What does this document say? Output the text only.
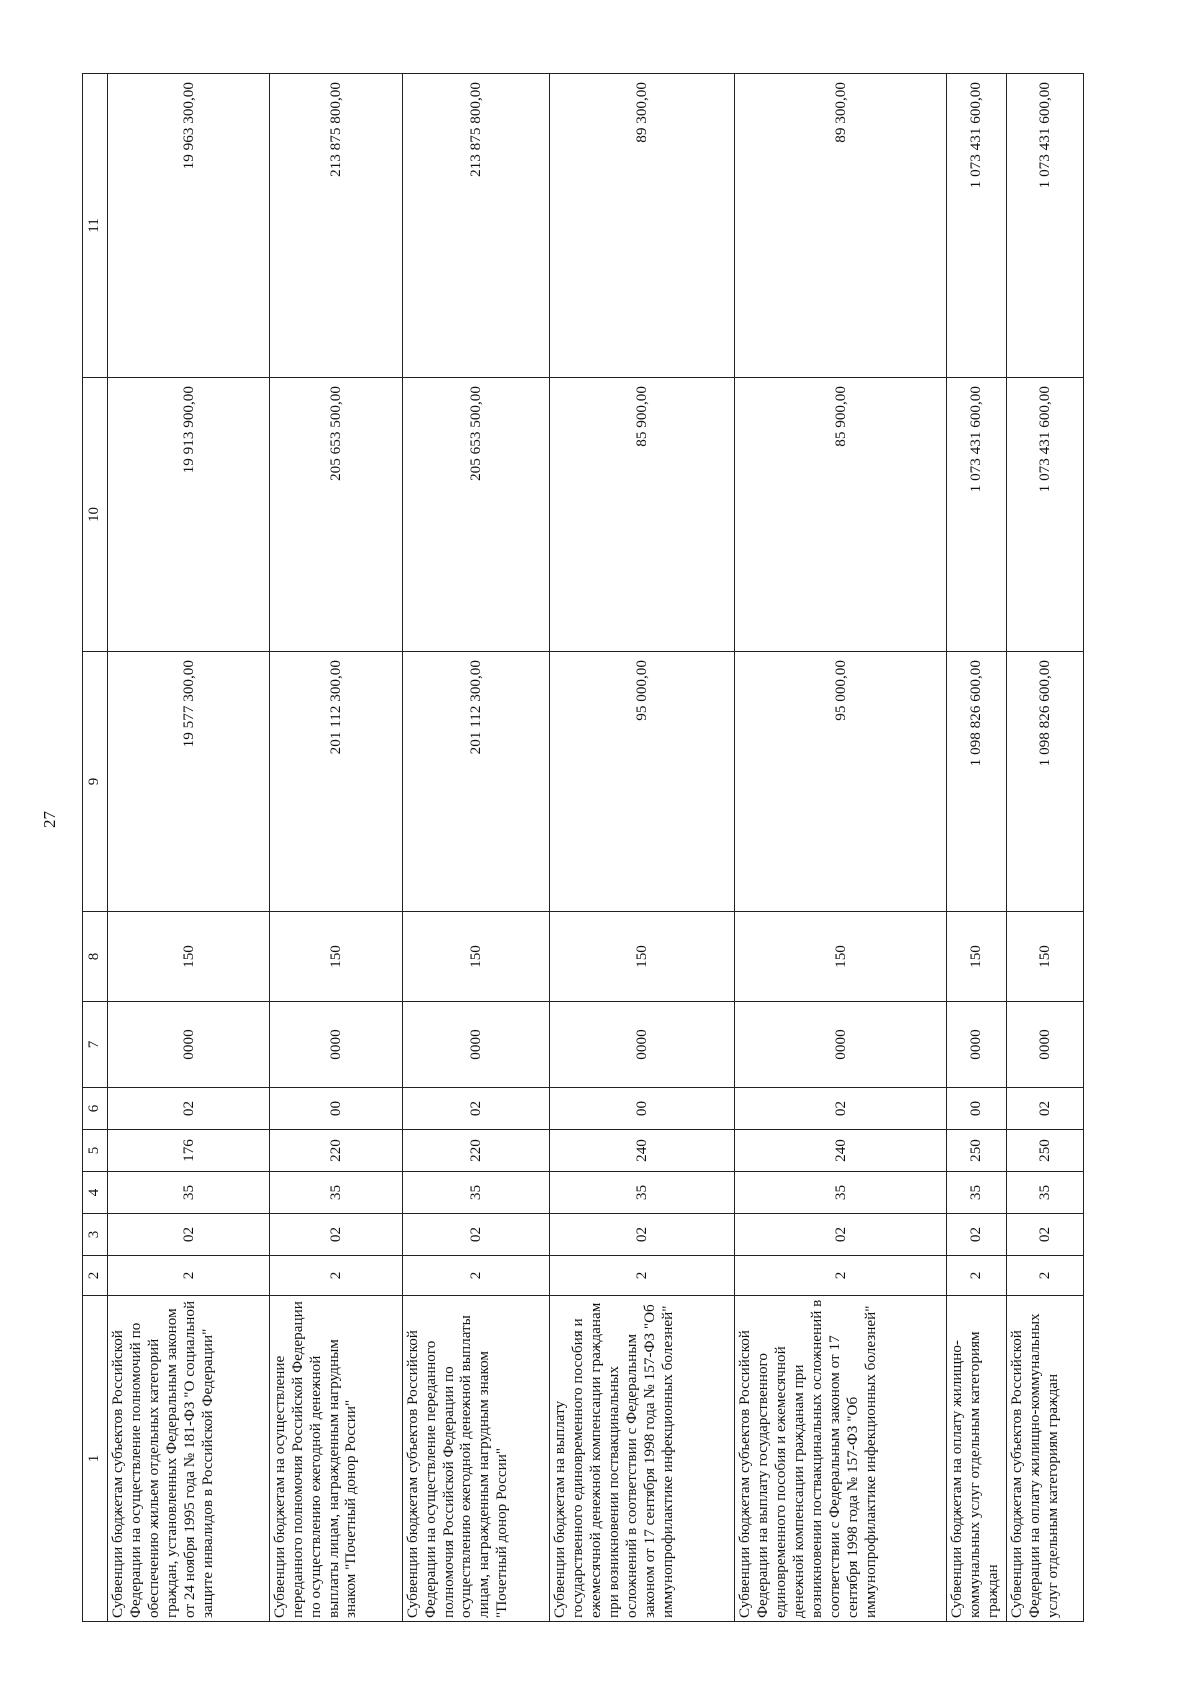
27
1	2	3	4	5	6	7	8	9	10	11
Субвенции бюджетам субъектов Российской Федерации на осуществление полномочий по обеспечению жильем отдельных категорий граждан, установленных Федеральным законом от 24 ноября 1995 года № 181-ФЗ "О социальной защите инвалидов в Российской Федерации"	2	02	35	176	02	0000	150	19 577 300,00	19 913 900,00	19 963 300,00
Субвенции бюджетам на осуществление переданного полномочия Российской Федерации по осуществлению ежегодной денежной выплаты лицам, награжденным нагрудным знаком "Почетный донор России"	2	02	35	220	00	0000	150	201 112 300,00	205 653 500,00	213 875 800,00
Субвенции бюджетам субъектов Российской Федерации на осуществление переданного полномочия Российской Федерации по осуществлению ежегодной денежной выплаты лицам, награжденным нагрудным знаком "Почетный донор России"	2	02	35	220	02	0000	150	201 112 300,00	205 653 500,00	213 875 800,00
Субвенции бюджетам на выплату государственного единовременного пособия и ежемесячной денежной компенсации гражданам при возникновении поствакцинальных осложнений в соответствии с Федеральным законом от 17 сентября 1998 года № 157-ФЗ "Об иммунопрофилактике инфекционных болезней"	2	02	35	240	00	0000	150	95 000,00	85 900,00	89 300,00
Субвенции бюджетам субъектов Российской Федерации на выплату государственного единовременного пособия и ежемесячной денежной компенсации гражданам при возникновении поствакцинальных осложнений в соответствии с Федеральным законом от 17 сентября 1998 года № 157-ФЗ "Об иммунопрофилактике инфекционных болезней"	2	02	35	240	02	0000	150	95 000,00	85 900,00	89 300,00
Субвенции бюджетам на оплату жилищно-коммунальных услуг отдельным категориям граждан	2	02	35	250	00	0000	150	1 098 826 600,00	1 073 431 600,00	1 073 431 600,00
Субвенции бюджетам субъектов Российской Федерации на оплату жилищно-коммунальных услуг отдельным категориям граждан	2	02	35	250	02	0000	150	1 098 826 600,00	1 073 431 600,00	1 073 431 600,00
